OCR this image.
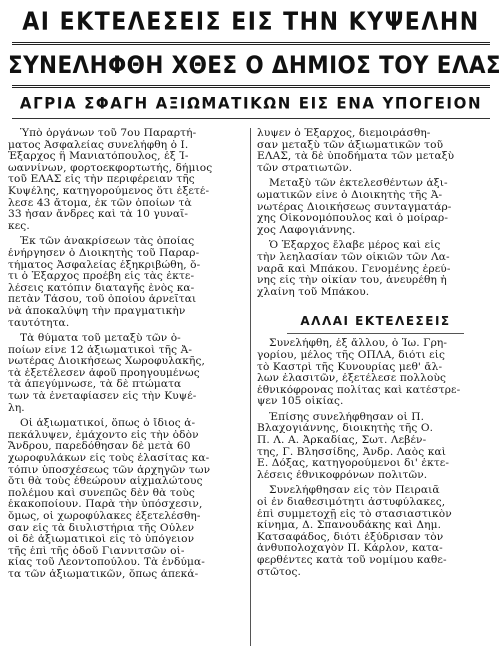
ΑΙ ΕΚΤΕΛΕΣΕΙΣ ΕΙΣ ΤΗΝ ΚΥΨΕΛΗΝ
ΣΥΝΕΛΗΦΘΗ ΧΘΕΣ Ο ΔΗΜΙΟΣ ΤΟΥ ΕΛΑΣ
ΑΓΡΙΑ ΣΦΑΓΗ ΑΞΙΩΜΑΤΙΚΩΝ ΕΙΣ ΕΝΑ ΥΠΟΓΕΙΟΝ
Ὑπὸ ὀργάνων τοῦ 7ου Παραρτή-
ματος Ἀσφαλείας συνελήφθη ὁ Ι.
Ἐξαρχος ἢ Μανιατόπουλος, ἐξ Ἰ-
ωαννίνων, φορτοεκφορτωτής, δήμιος
τοῦ ΕΛΑΣ εἰς τὴν περιφέρειαν τῆς
Κυψέλης, κατηγορούμενος ὅτι ἐξετέ-
λεσε 43 ἄτομα, ἐκ τῶν ὁποίων τὰ
33 ἦσαν ἄνδρες καὶ τὰ 10 γυναῖ-
κες.
Ἐκ τῶν ἀνακρίσεων τὰς ὁποίας
ἐνήργησεν ὁ Διοικητὴς τοῦ Παραρ-
τήματος Ἀσφαλείας ἐξηκριβώθη, ὅ-
τι ὁ Ἐξαρχος προέβη εἰς τὰς ἐκτε-
λέσεις κατόπιν διαταγῆς ἑνὸς κα-
πετὰν Τάσου, τοῦ ὁποίου ἀρνεῖται
νὰ ἀποκαλύψη τὴν πραγματικὴν
ταυτότητα.
Τὰ θύματα τοῦ μεταξὺ τῶν ὁ-
ποίων εἶνε 12 ἀξιωματικοὶ τῆς Ἀ-
νωτέρας Διοικήσεως Χωροφυλακῆς,
τὰ ἐξετέλεσεν ἀφοῦ προηγουμένως
τὰ ἀπεγύμνωσε, τὰ δὲ πτώματα
των τὰ ἐνεταφίασεν εἰς τὴν Κυψέ-
λη.
Οἱ ἀξιωματικοί, ὅπως ὁ ἴδιος ἀ-
πεκάλυψεν, ἐμάχοντο εἰς τὴν ὁδὸν
Ἄνδρου, παρεδόθησαν δὲ μετὰ 60
χωροφυλάκων εἰς τοὺς ἐλασίτας κα-
τόπιν ὑποσχέσεως τῶν ἀρχηγῶν των
ὅτι θὰ τοὺς ἐθεώρουν αἰχμαλώτους
πολέμου καὶ συνεπῶς δὲν θὰ τοὺς
ἐκακοποίουν. Παρὰ τὴν ὑπόσχεσιν,
ὅμως, οἱ χωροφύλακες ἐξετελέσθη-
σαν εἰς τὰ διυλιστήρια τῆς Οὐλεν
οἱ δὲ ἀξιωματικοὶ εἰς τὸ ὑπόγειον
τῆς ἐπὶ τῆς ὁδοῦ Γιαννιτσῶν οἰ-
κίας τοῦ Λεοντοπούλου. Τὰ ἐνδύμα-
τα τῶν ἀξιωματικῶν, ὅπως ἀπεκά-
λυψεν ὁ Ἐξαρχος, διεμοιράσθη-
σαν μεταξὺ τῶν ἀξιωματικῶν τοῦ
ΕΛΑΣ, τὰ δὲ ὑποδήματα τῶν μεταξὺ
τῶν στρατιωτῶν.
Μεταξὺ τῶν ἐκτελεσθέντων ἀξι-
ωματικῶν εἶνε ὁ Διοικητὴς τῆς Ἀ-
νωτέρας Διοικήσεως συνταγματάρ-
χης Οἰκονομόπουλος καὶ ὁ μοίραρ-
χος Λαφογιάννης.
Ὁ Ἐξαρχος ἔλαβε μέρος καὶ εἰς
τὴν λεηλασίαν τῶν οἰκιῶν τῶν Λα-
ναρᾶ καὶ Μπάκου. Γενομένης ἐρεύ-
νης εἰς τὴν οἰκίαν του, ἀνευρέθη ἡ
χλαίνη τοῦ Μπάκου.
ΑΛΛΑΙ ΕΚΤΕΛΕΣΕΙΣ
Συνελήφθη, ἐξ ἄλλου, ὁ Ἰω. Γρη-
γορίου, μέλος τῆς ΟΠΛΑ, διότι εἰς
τὸ Καστρὶ τῆς Κυνουρίας μεθ' ἄλ-
λων ἐλασιτῶν, ἐξετέλεσε πολλοὺς
ἐθνικόφρονας πολίτας καὶ κατέστρε-
ψεν 105 οἰκίας.
Ἐπίσης συνελήφθησαν οἱ Π.
Βλαχογιάννης, διοικητὴς τῆς Ο.
Π. Λ. Α. Ἀρκαδίας, Σωτ. Λεβέν-
της, Γ. Βλησσίδης, Ἀνδρ. Λαὸς καὶ
Ε. Δόξας, κατηγορούμενοι δι' ἐκτε-
λέσεις ἐθνικοφρόνων πολιτῶν.
Συνελήφθησαν εἰς τὸν Πειραιᾶ
οἱ ἐν διαθεσιμότητι ἀστυφύλακες,
ἐπὶ συμμετοχῇ εἰς τὸ στασιαστικὸν
κίνημα, Δ. Σπανουδάκης καὶ Δημ.
Κατσαφάδος, διότι ἐξύδρισαν τὸν
ἀνθυπολοχαγὸν Π. Κάρλον, κατα-
φερθέντες κατὰ τοῦ νομίμου καθε-
στῶτος.
